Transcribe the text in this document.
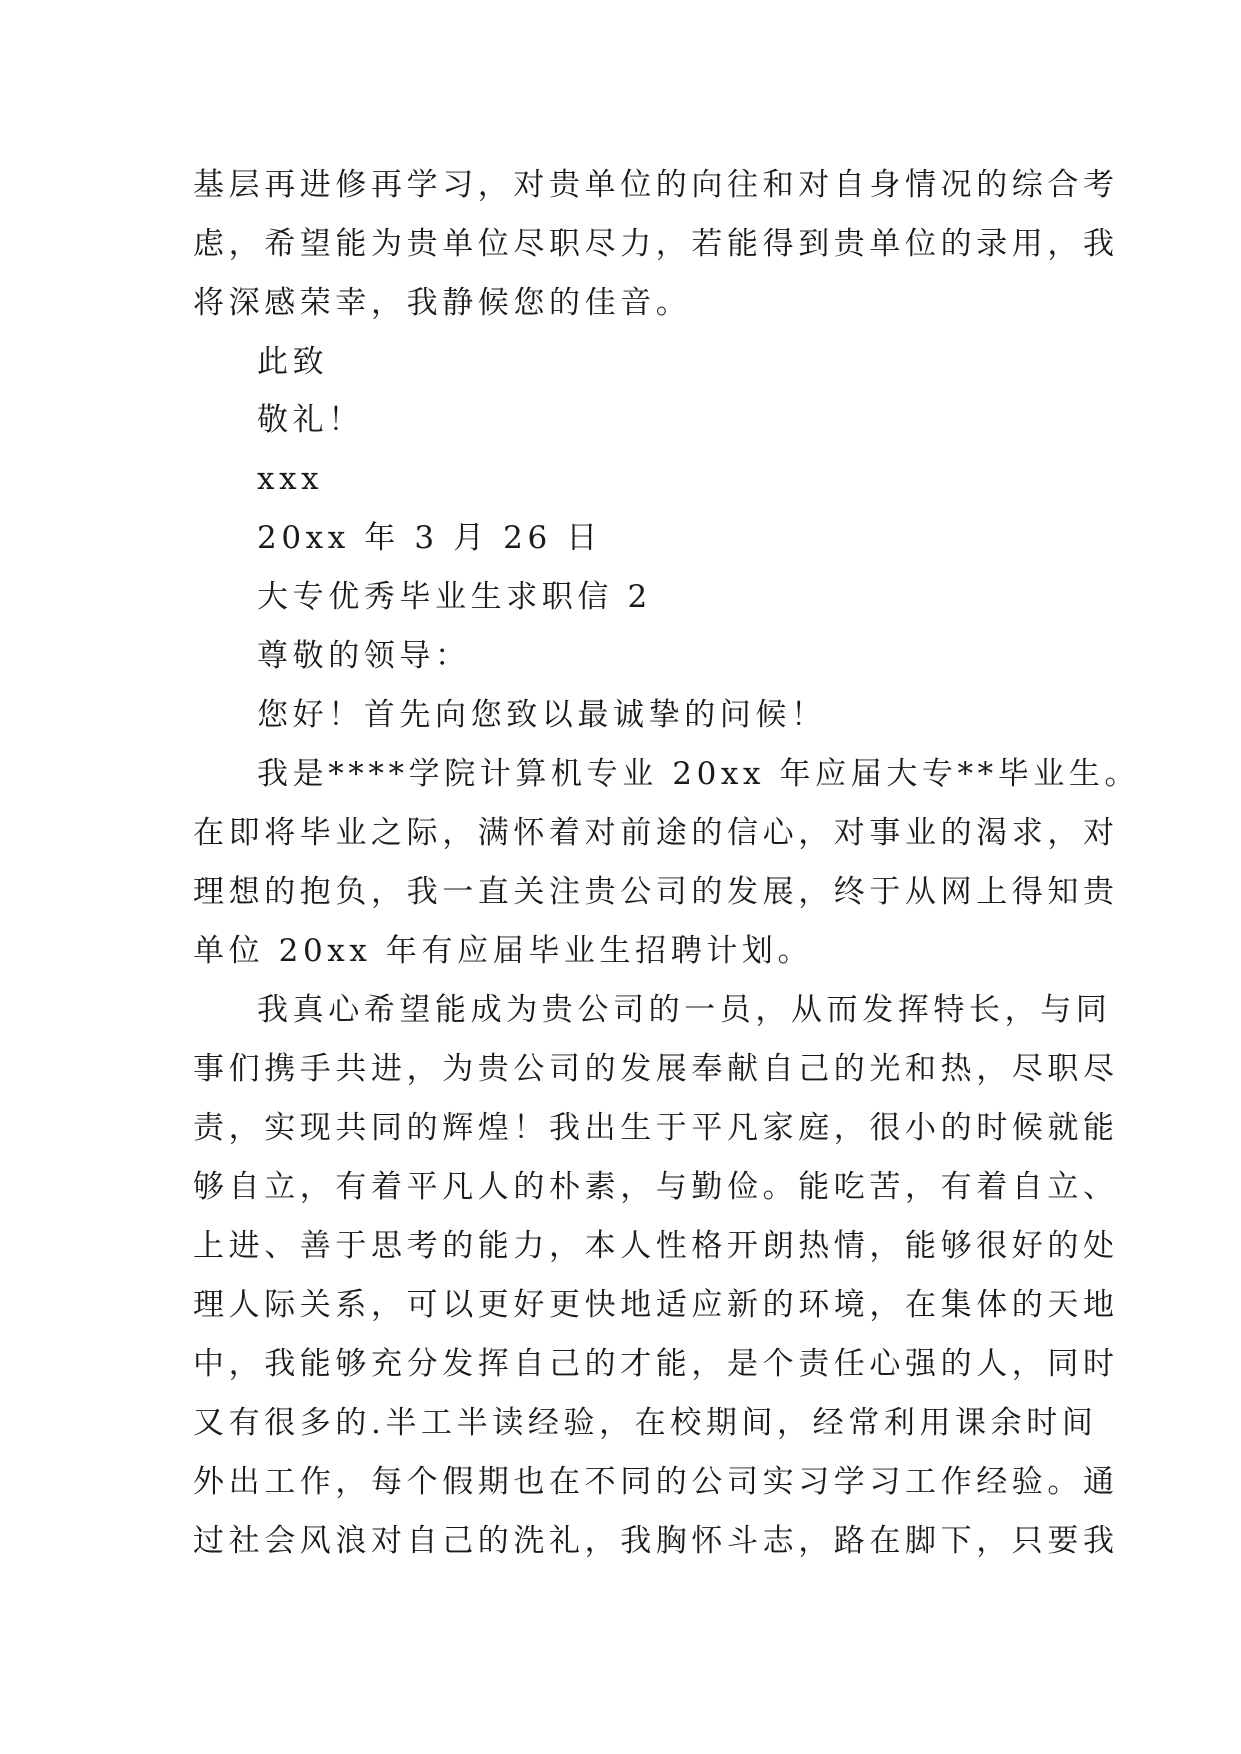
基层再进修再学习，对贵单位的向往和对自身情况的综合考
虑，希望能为贵单位尽职尽力，若能得到贵单位的录用，我
将深感荣幸，我静候您的佳音。
此致
敬礼！
xxx
20xx 年 3 月 26 日
大专优秀毕业生求职信 2
尊敬的领导：
您好！首先向您致以最诚挚的问候！
我是****学院计算机专业 20xx 年应届大专**毕业生。
在即将毕业之际，满怀着对前途的信心，对事业的渴求，对
理想的抱负，我一直关注贵公司的发展，终于从网上得知贵
单位 20xx 年有应届毕业生招聘计划。
我真心希望能成为贵公司的一员，从而发挥特长，与同
事们携手共进，为贵公司的发展奉献自己的光和热，尽职尽
责，实现共同的辉煌！我出生于平凡家庭，很小的时候就能
够自立，有着平凡人的朴素，与勤俭。能吃苦，有着自立、
上进、善于思考的能力，本人性格开朗热情，能够很好的处
理人际关系，可以更好更快地适应新的环境，在集体的天地
中，我能够充分发挥自己的才能，是个责任心强的人，同时
又有很多的.半工半读经验，在校期间，经常利用课余时间
外出工作，每个假期也在不同的公司实习学习工作经验。通
过社会风浪对自己的洗礼，我胸怀斗志，路在脚下，只要我
